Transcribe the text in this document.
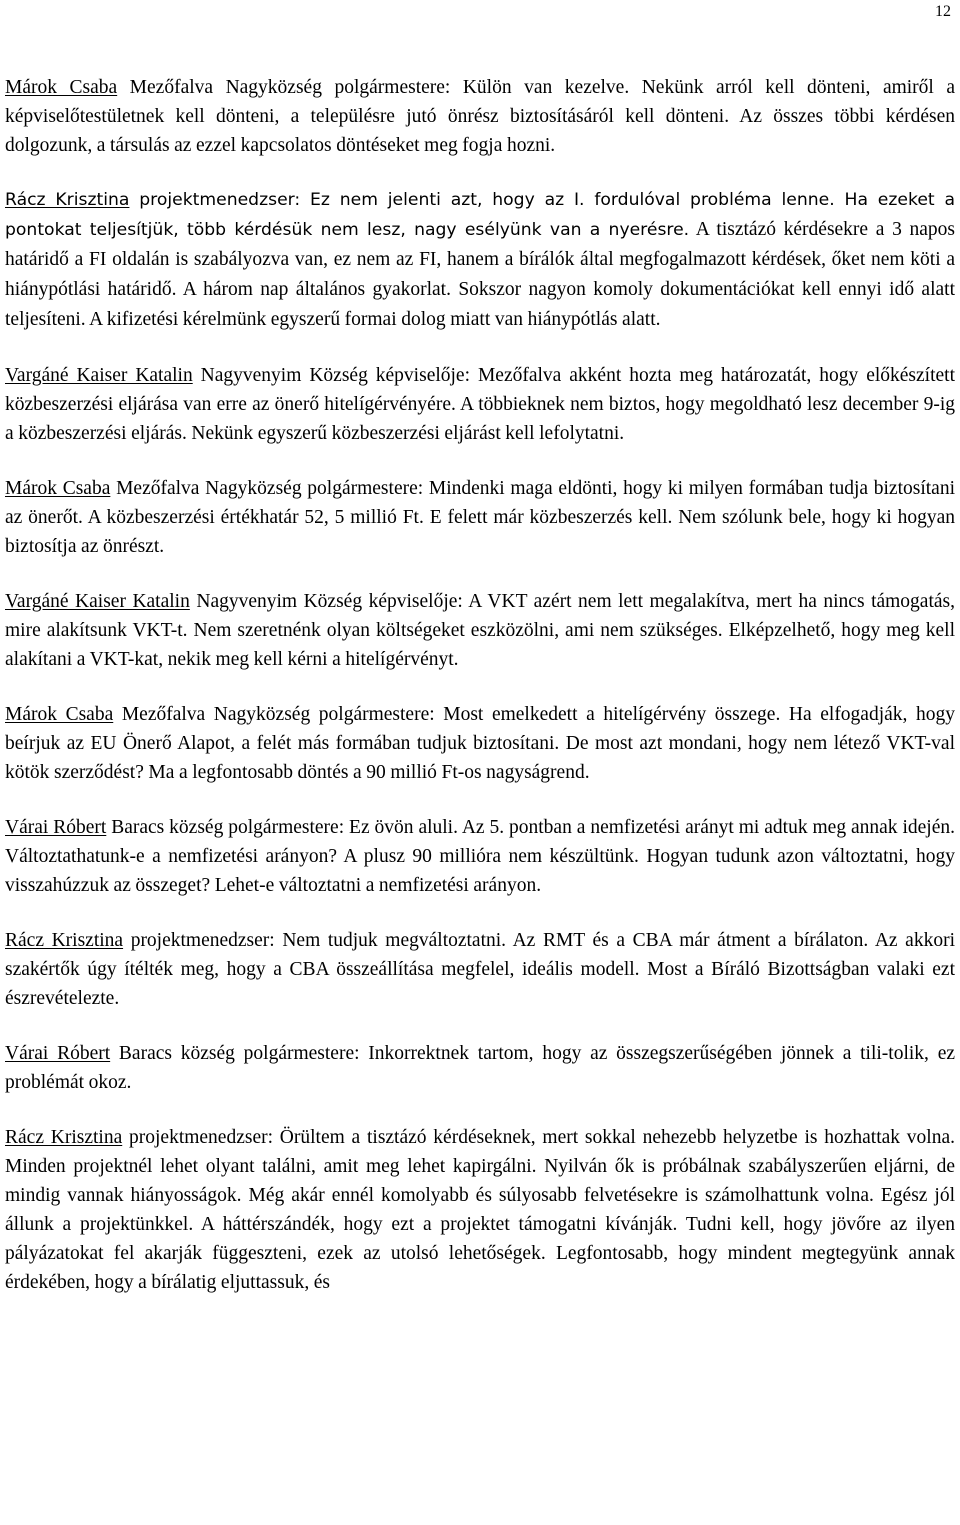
12

Márok Csaba Mezőfalva Nagyközség polgármestere: Külön van kezelve. Nekünk arról kell dönteni, amiről a képviselőtestületnek kell dönteni, a településre jutó önrész biztosításáról kell dönteni. Az összes többi kérdésen dolgozunk, a társulás az ezzel kapcsolatos döntéseket meg fogja hozni.

Rácz Krisztina projektmenedzser: Ez nem jelenti azt, hogy az I. fordulóval probléma lenne. Ha ezeket a pontokat teljesítjük, több kérdésük nem lesz, nagy esélyünk van a nyerésre. A tisztázó kérdésekre a 3 napos határidő a FI oldalán is szabályozva van, ez nem az FI, hanem a bírálók által megfogalmazott kérdések, őket nem köti a hiánypótlási határidő. A három nap általános gyakorlat. Sokszor nagyon komoly dokumentációkat kell ennyi idő alatt teljesíteni. A kifizetési kérelmünk egyszerű formai dolog miatt van hiánypótlás alatt.

Vargáné Kaiser Katalin Nagyvenyim Község képviselője: Mezőfalva akként hozta meg határozatát, hogy előkészített közbeszerzési eljárása van erre az önerő hitelígérvényére. A többieknek nem biztos, hogy megoldható lesz december 9-ig a közbeszerzési eljárás. Nekünk egyszerű közbeszerzési eljárást kell lefolytatni.

Márok Csaba Mezőfalva Nagyközség polgármestere: Mindenki maga eldönti, hogy ki milyen formában tudja biztosítani az önerőt. A közbeszerzési értékhatár 52, 5 millió Ft. E felett már közbeszerzés kell. Nem szólunk bele, hogy ki hogyan biztosítja az önrészt.

Vargáné Kaiser Katalin Nagyvenyim Község képviselője: A VKT azért nem lett megalakítva, mert ha nincs támogatás, mire alakítsunk VKT-t. Nem szeretnénk olyan költségeket eszközölni, ami nem szükséges. Elképzelhető, hogy meg kell alakítani a VKT-kat, nekik meg kell kérni a hitelígérvényt.

Márok Csaba Mezőfalva Nagyközség polgármestere: Most emelkedett a hitelígérvény összege. Ha elfogadják, hogy beírjuk az EU Önerő Alapot, a felét más formában tudjuk biztosítani. De most azt mondani, hogy nem létező VKT-val kötök szerződést? Ma a legfontosabb döntés a 90 millió Ft-os nagyságrend.

Várai Róbert Baracs község polgármestere: Ez övön aluli. Az 5. pontban a nemfizetési arányt mi adtuk meg annak idején. Változtathatunk-e a nemfizetési arányon? A plusz 90 millióra nem készültünk. Hogyan tudunk azon változtatni, hogy visszahúzzuk az összeget? Lehet-e változtatni a nemfizetési arányon.

Rácz Krisztina projektmenedzser: Nem tudjuk megváltoztatni. Az RMT és a CBA már átment a bírálaton. Az akkori szakértők úgy ítélték meg, hogy a CBA összeállítása megfelel, ideális modell. Most a Bíráló Bizottságban valaki ezt észrevételezte.

Várai Róbert Baracs község polgármestere: Inkorrektnek tartom, hogy az összegszerűségében jönnek a tili-tolik, ez problémát okoz.

Rácz Krisztina projektmenedzser: Örültem a tisztázó kérdéseknek, mert sokkal nehezebb helyzetbe is hozhattak volna. Minden projektnél lehet olyant találni, amit meg lehet kapirgálni. Nyilván ők is próbálnak szabályszerűen eljárni, de mindig vannak hiányosságok. Még akár ennél komolyabb és súlyosabb felvetésekre is számolhattunk volna. Egész jól állunk a projektünkkel. A háttérszándék, hogy ezt a projektet támogatni kívánják. Tudni kell, hogy jövőre az ilyen pályázatokat fel akarják függeszteni, ezek az utolsó lehetőségek. Legfontosabb, hogy mindent megtegyünk annak érdekében, hogy a bírálatig eljuttassuk, és
